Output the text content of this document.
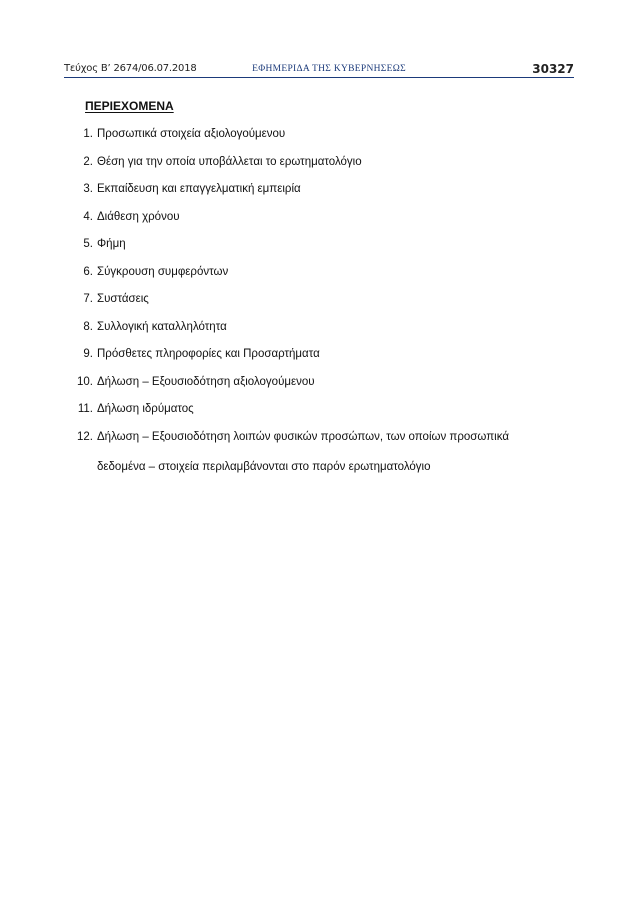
Τεύχος Β’ 2674/06.07.2018	ΕΦΗΜΕΡΙΔΑ ΤΗΣ ΚΥΒΕΡΝΗΣΕΩΣ	30327
ΠΕΡΙΕΧΟΜΕΝΑ
1. Προσωπικά στοιχεία αξιολογούμενου
2. Θέση για την οποία υποβάλλεται το ερωτηματολόγιο
3. Εκπαίδευση και επαγγελματική εμπειρία
4. Διάθεση χρόνου
5. Φήμη
6. Σύγκρουση συμφερόντων
7. Συστάσεις
8. Συλλογική καταλληλότητα
9. Πρόσθετες πληροφορίες και Προσαρτήματα
10. Δήλωση – Εξουσιοδότηση αξιολογούμενου
11. Δήλωση ιδρύματος
12. Δήλωση – Εξουσιοδότηση λοιπών φυσικών προσώπων, των οποίων προσωπικά
δεδομένα – στοιχεία περιλαμβάνονται στο παρόν ερωτηματολόγιο
